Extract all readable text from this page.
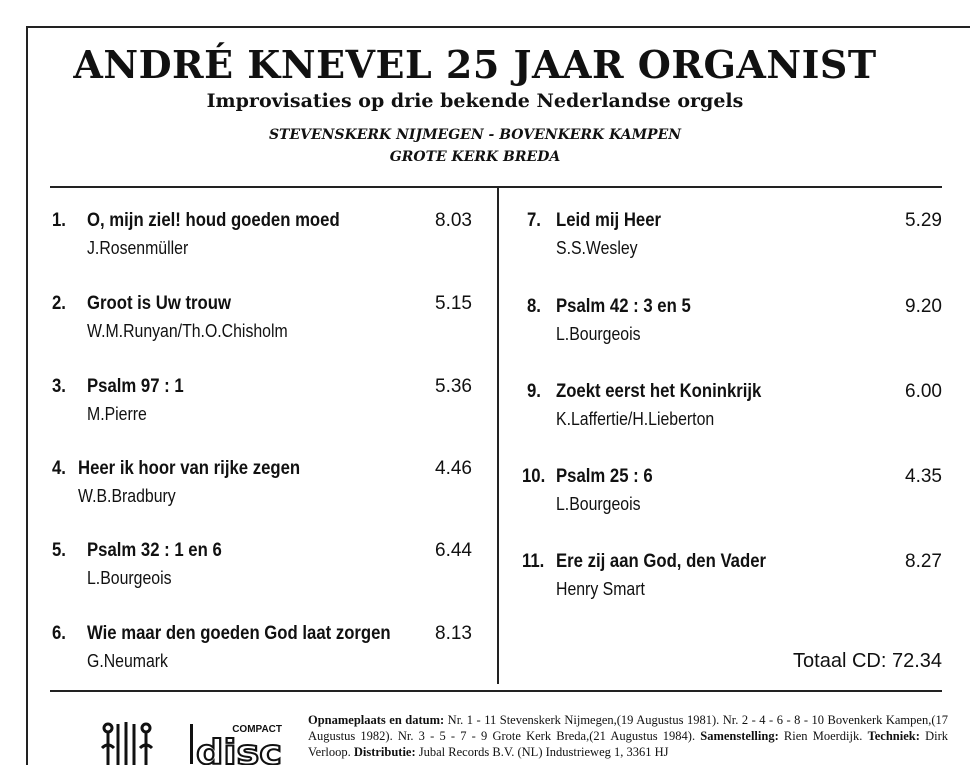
ANDRÉ KNEVEL 25 JAAR ORGANIST
Improvisaties op drie bekende Nederlandse orgels
STEVENSKERK NIJMEGEN - BOVENKERK KAMPEN
GROTE KERK BREDA
1. O, mijn ziel! houd goeden moed
J.Rosenmüller
8.03
2. Groot is Uw trouw
W.M.Runyan/Th.O.Chisholm
5.15
3. Psalm 97 : 1
M.Pierre
5.36
4. Heer ik hoor van rijke zegen
W.B.Bradbury
4.46
5. Psalm 32 : 1 en 6
L.Bourgeois
6.44
6. Wie maar den goeden God laat zorgen
G.Neumark
8.13
7. Leid mij Heer
S.S.Wesley
5.29
8. Psalm 42 : 3 en 5
L.Bourgeois
9.20
9. Zoekt eerst het Koninkrijk
K.Laffertie/H.Lieberton
6.00
10. Psalm 25 : 6
L.Bourgeois
4.35
11. Ere zij aan God, den Vader
Henry Smart
8.27
Totaal CD: 72.34
COMPACT
disc
Opnameplaats en datum: Nr. 1 - 11 Stevenskerk Nijmegen,(19 Augustus 1981). Nr. 2 - 4 - 6 - 8 - 10 Bovenkerk Kampen,(17 Augustus 1982). Nr. 3 - 5 - 7 - 9 Grote Kerk Breda,(21 Augustus 1984). Samenstelling: Rien Moerdijk. Techniek: Dirk Verloop. Distributie: Jubal Records B.V. (NL) Industrieweg 1, 3361 HJ
